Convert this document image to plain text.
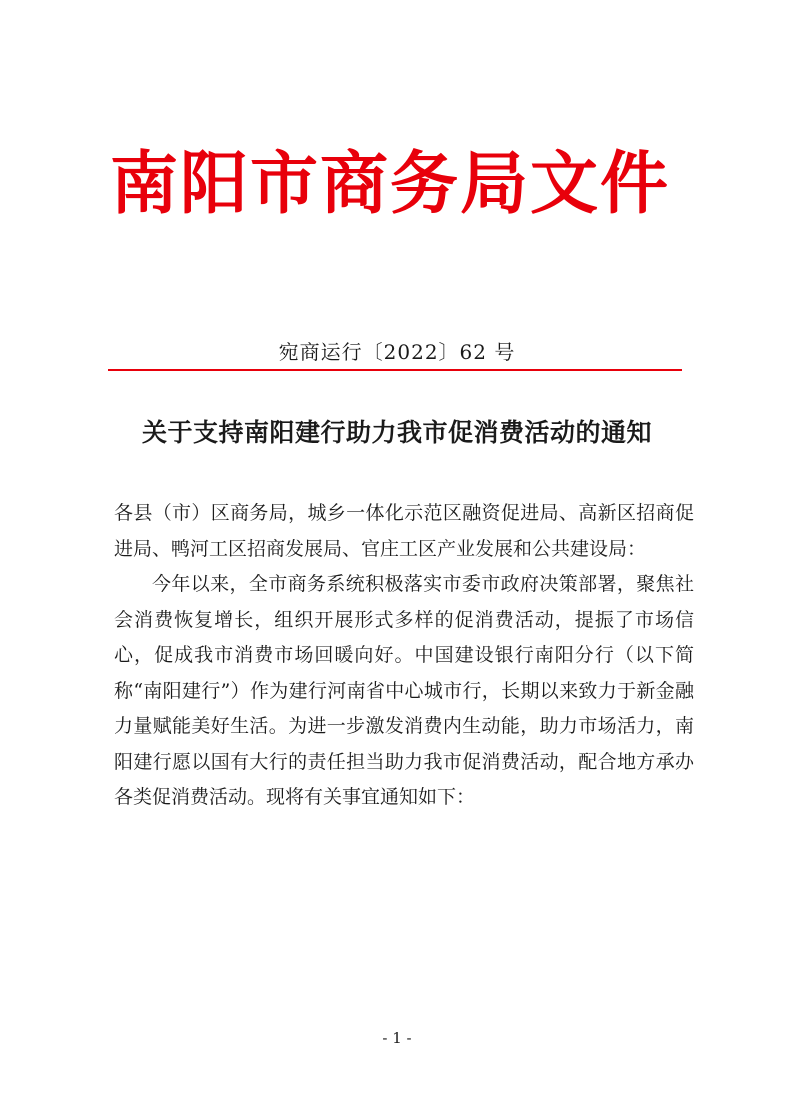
南阳市商务局文件
宛商运行〔2022〕62 号
关于支持南阳建行助力我市促消费活动的通知

各县（市）区商务局，城乡一体化示范区融资促进局、高新区招商促进局、鸭河工区招商发展局、官庄工区产业发展和公共建设局：

今年以来，全市商务系统积极落实市委市政府决策部署，聚焦社会消费恢复增长，组织开展形式多样的促消费活动，提振了市场信心，促成我市消费市场回暖向好。中国建设银行南阳分行（以下简称“南阳建行”）作为建行河南省中心城市行，长期以来致力于新金融力量赋能美好生活。为进一步激发消费内生动能，助力市场活力，南阳建行愿以国有大行的责任担当助力我市促消费活动，配合地方承办各类促消费活动。现将有关事宜通知如下：

- 1 -
